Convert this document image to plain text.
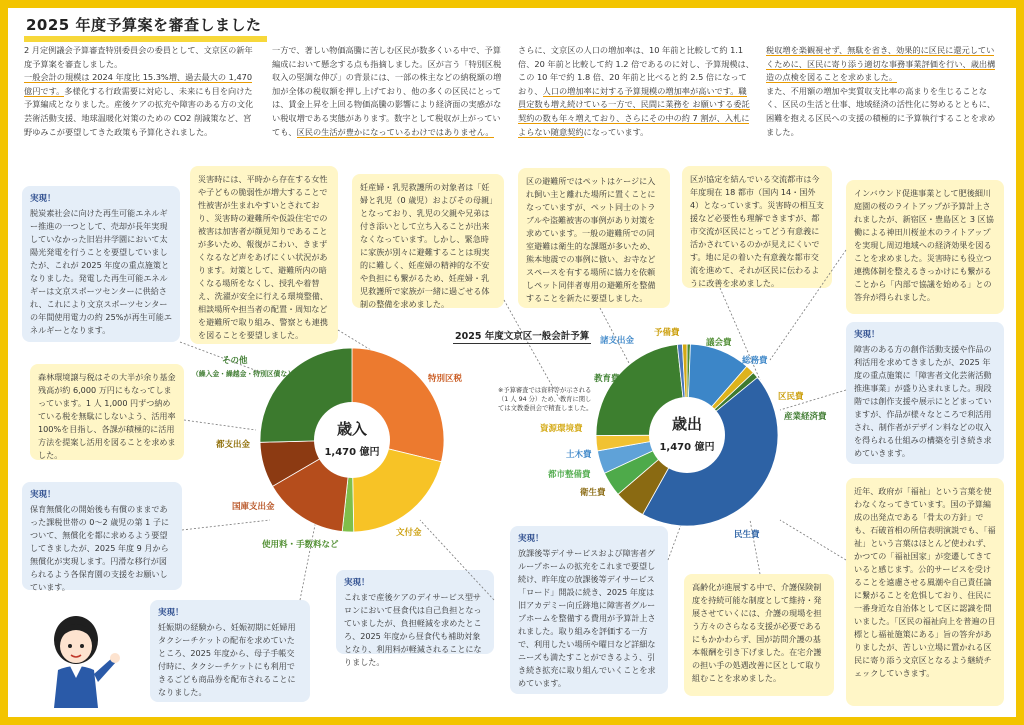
2025 年度予算案を審査しました
2 月定例議会予算審査特別委員会の委員として、文京区の新年度予算案を審査しました。
一般会計の規模は 2024 年度比 15.3%増、過去最大の 1,470 億円です。多様化する行政需要に対応し、未来にも目を向けた予算編成となりました。産後ケアの拡充や障害のある方の文化芸術活動支援、地球温暖化対策のための CO2 削減策など、宮野ゆみこが要望してきた政策も予算化されました。
一方で、著しい物価高騰に苦しむ区民が数多くいる中で、予算編成において懸念する点も指摘しました。区が言う「特別区税収入の堅調な伸び」の背景には、一部の株主などの納税額の増加が全体の税収額を押し上げており、他の多くの区民にとっては、賃金上昇を上回る物価高騰の影響により経済面の実感がない税収増である実態があります。数字として税収が上がっていても、区民の生活が豊かになっているわけではありません。
さらに、文京区の人口の増加率は、10 年前と比較して約 1.1 倍、20 年前と比較して約 1.2 倍であるのに対し、予算規模は、この 10 年で約 1.8 倍、20 年前と比べると約 2.5 倍になっており、人口の増加率に対する予算規模の増加率が高いです。職員定数も増え続けている一方で、民間に業務を お願いする委託契約の数も年々増えており、さらにその中の約 7 割が、入札によらない随意契約になっています。
税収増を楽観視せず、無駄を省き、効果的に区民に還元していくために、区民に寄り添う適切な事務事業評価を行い、歳出構造の点検を図ることを求めました。
また、不用額の増加や実質収支比率の高まりを生じることなく、区民の生活と仕事、地域経済の活性化に努めるとともに、困難を抱える区民への支援の積極的に予算執行することを求めました。
実現！
脱炭素社会に向けた再生可能エネルギー推進の一つとして、売却が長年実現していなかった旧岩井学園において太陽光発電を行うことを要望していましたが、これが 2025 年度の重点施策となりました。発電した再生可能エネルギーは文京スポーツセンターに供給され、これにより文京スポーツセンターの年間使用電力の約 25%が再生可能エネルギーとなります。
森林環境譲与税はその大半が余り基金残高が約 6,000 万円にもなってしまっています。1 人 1,000 円ずつ納めている税を無駄にしないよう、活用率 100%を目指し、各課が積極的に活用方法を提案し活用を図ることを求めました。
実現！
保育無償化の開始後も有償のままであった課税世帯の 0〜2 歳児の第 1 子について、無償化を都に求めるよう要望してきましたが、2025 年度 9 月から無償化が実現します。円滑な移行が図られるよう各保育園の支援をお願いしています。
実現！
妊娠期の経験から、妊娠初期に妊婦用タクシーチケットの配布を求めていたところ、2025 年度から、母子手帳交付時に、タクシーチケットにも利用できるごども商品券を配布されることになりました。
災害時には、平時から存在する女性や子どもの脆弱性が増大することで性被害が生まれやすいとされており、災害時の避難所や仮設住宅での被害は加害者が顔見知りであることが多いため、報復がこわい、きまずくなるなど声をあげにくい状況があります。対策として、避難所内の暗くなる場所をなくし、授乳や着替え、洗濯が安全に行える環境整備、相談場所や担当者の配置・周知などを避難所で取り組み、警察とも連携を図ることを要望しました。
妊産婦・乳児救護所の対象者は「妊婦と乳児（0 歳児）およびその母親」となっており、乳児の父親や兄弟は付き添いとして立ち入ることが出来なくなっています。しかし、緊急時に家族が別々に避難することは現実的に難しく、妊産婦の精神的な不安や負担にも繋がるため、妊産婦・乳児救護所で家族が一緒に過ごせる体制の整備を求めました。
区の避難所ではペットはケージに入れ飼い主と離れた場所に置くことになっていますが、ペット同士のトラブルや盗難被害の事例があり対策を求めています。一般の避難所での同室避難は衛生的な課題が多いため、熊本地震での事例に倣い、お寺などスペースを有する場所に協力を依頼しペット同伴者専用の避難所を整備することを新たに要望しました。
区が協定を結んでいる交流都市は今年度現在 18 都市（国内 14・国外 4）となっています。災害時の相互支援など必要性も理解できますが、都市交流が区民にとってどう有意義に活かされているのかが見えにくいです。地に足の着いた有意義な都市交流を進めて、それが区民に伝わるように改善を求めました。
インバウンド促進事業として肥後細川庭園の桜のライトアップが予算計上されましたが、新宿区・豊島区と 3 区協働による神田川桜並木のライトアップを実現し周辺地域への経済効果を図ることを求めました。災害時にも役立つ連携体制を整えるきっかけにも繋がることから「内部で協議を始める」との答弁が得られました。
実現！
障害のある方の創作活動支援や作品の利活用を求めてきましたが、2025 年度の重点施策に「障害者文化芸術活動推進事業」が盛り込まれました。現段階では創作支援や展示にとどまっていますが、作品が様々なところで利活用され、制作者がデザイン料などの収入を得られる仕組みの構築を引き続き求めていきます。
近年、政府が「福祉」という言葉を使わなくなってきています。国の予算編成の出発点である「骨太の方針」でも、石破首相の所信表明演説でも、「福祉」という言葉はほとんど使われず、かつての「福祉国家」が変遷してきていると感じます。公的サービスを受けることを遠慮させる風潮や自己責任論に繋がることを危惧しており、住民に一番身近な自治体として区に認識を問いました。「区民の福祉向上を普遍の目標とし福祉施策にある」旨の答弁がありましたが、苦しい立場に置かれる区民に寄り添う文京区となるよう継続チェックしていきます。
実現！
放課後等デイサービスおよび障害者グループホームの拡充をこれまで要望し続け、昨年度の放課後等デイサービス「ロード」開設に続き、2025 年度は旧アカデミー向丘跡地に障害者グループホームを整備する費用が予算計上されました。取り組みを評価する一方で、利用したい場所や曜日など詳細なニーズも満たすことができるよう、引き続き拡充に取り組んでいくことを求めています。
実現！
これまで産後ケアのデイサービス型サロンにおいて昼食代は自己負担となっていましたが、負担軽減を求めたところ、2025 年度から昼食代も補助対象となり、利用料が軽減されることになりました。
高齢化が進展する中で、介護保険制度を持続可能な制度として維持・発展させていくには、介護の現場を担う方々のさらなる支援が必要であるにもかかわらず、国が訪問介護の基本報酬を引き下げました。在宅介護の担い手の処遇改善に区として取り組むことを求めました。
2025 年度文京区一般会計予算
※予算審査では資料等が示される（1 人 94 分）ため、教育に関しては文教委員会で精査しました。
歳入
1,470 億円
歳出
1,470 億円
特別区税
文付金
使用料・手数料など
国庫支出金
都支出金
その他
（繰入金・繰越金・特別区債など）
議会費
総務費
区民費
産業経済費
民生費
衛生費
都市整備費
土木費
資源環境費
教育費
諸支出金
予備費
